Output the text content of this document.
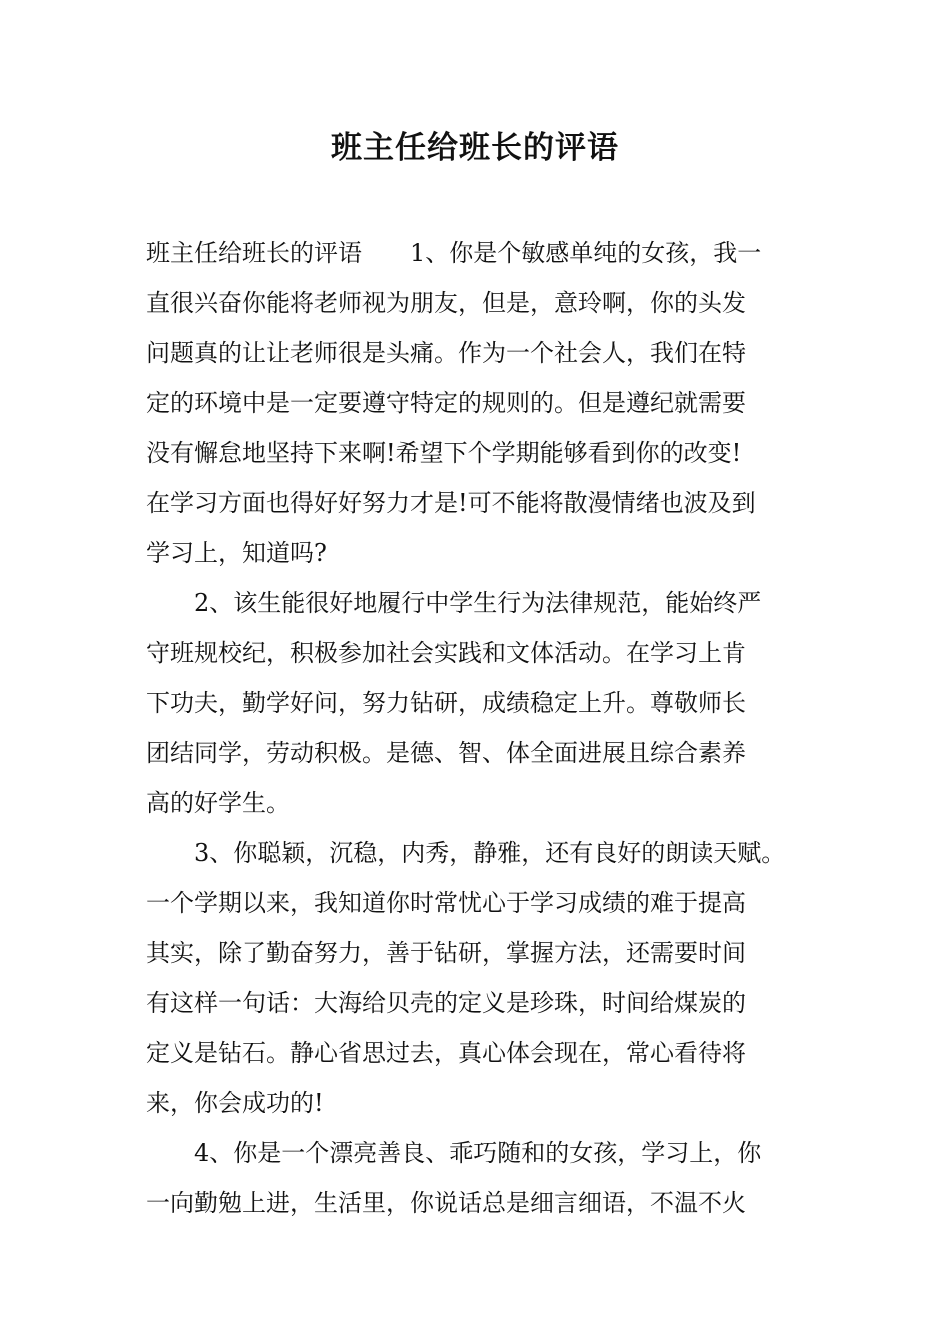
班主任给班长的评语
班主任给班长的评语　　1、你是个敏感单纯的女孩，我一
直很兴奋你能将老师视为朋友，但是，意玲啊，你的头发
问题真的让让老师很是头痛。作为一个社会人，我们在特
定的环境中是一定要遵守特定的规则的。但是遵纪就需要
没有懈怠地坚持下来啊!希望下个学期能够看到你的改变!
在学习方面也得好好努力才是!可不能将散漫情绪也波及到
学习上，知道吗?
　　2、该生能很好地履行中学生行为法律规范，能始终严
守班规校纪，积极参加社会实践和文体活动。在学习上肯
下功夫，勤学好问，努力钻研，成绩稳定上升。尊敬师长
团结同学，劳动积极。是德、智、体全面进展且综合素养
高的好学生。
　　3、你聪颖，沉稳，内秀，静雅，还有良好的朗读天赋。
一个学期以来，我知道你时常忧心于学习成绩的难于提高
其实，除了勤奋努力，善于钻研，掌握方法，还需要时间
有这样一句话：大海给贝壳的定义是珍珠，时间给煤炭的
定义是钻石。静心省思过去，真心体会现在，常心看待将
来，你会成功的!
　　4、你是一个漂亮善良、乖巧随和的女孩，学习上，你
一向勤勉上进，生活里，你说话总是细言细语，不温不火
